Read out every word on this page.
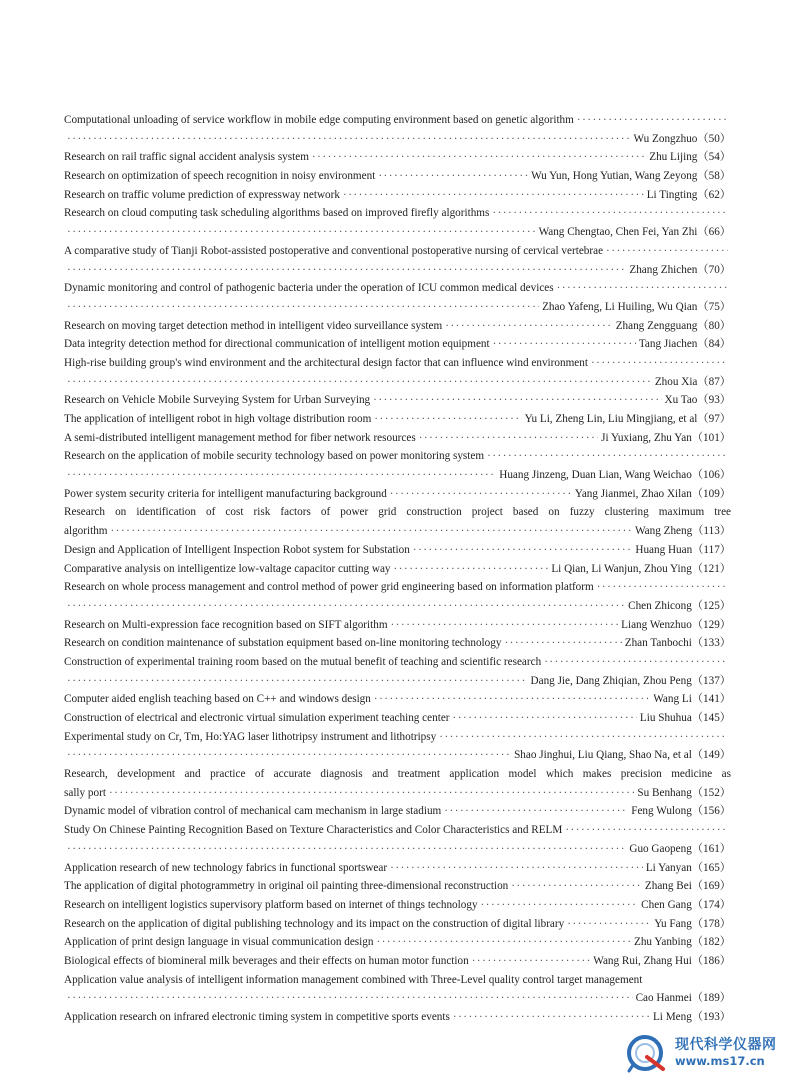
Computational unloading of service workflow in mobile edge computing environment based on genetic algorithm
·····
·····
Wu Zongzhuo	（ 50 ）
Research on rail traffic signal accident analysis system ·····	Zhu Lijing	（ 54 ）
Research on optimization of speech recognition in noisy environment ·····	Wu Yun, Hong Yutian, Wang Zeyong	（ 58 ）
Research on traffic volume prediction of expressway network ·····	Li Tingting	（ 62 ）
Research on cloud computing task scheduling algorithms based on improved firefly algorithms
·····
·····
Wang Chengtao, Chen Fei, Yan Zhi	（ 66 ）
A comparative study of Tianji Robot-assisted postoperative and conventional postoperative nursing of cervical vertebrae
·····
·····
Zhang Zhichen	（ 70 ）
Dynamic monitoring and control of pathogenic bacteria under the operation of ICU common medical devices
·····
·····
Zhao Yafeng, Li Huiling, Wu Qian	（ 75 ）
Research on moving target detection method in intelligent video surveillance system ·····	Zhang Zengguang	（ 80 ）
Data integrity detection method for directional communication of intelligent motion equipment ·····	Tang Jiachen	（ 84 ）
High-rise building group's wind environment and the architectural design factor that can influence wind environment
·····
·····
Zhou Xia	（ 87 ）
Research on Vehicle Mobile Surveying System for Urban Surveying ·····	Xu Tao	（ 93 ）
The application of intelligent robot in high voltage distribution room ·····	Yu Li, Zheng Lin, Liu Mingjiang, et al	（ 97 ）
A semi-distributed intelligent management method for fiber network resources ·····	Ji Yuxiang, Zhu Yan	（ 101 ）
Research on the application of mobile security technology based on power monitoring system
·····
·····
Huang Jinzeng, Duan Lian, Wang Weichao	（ 106 ）
Power system security criteria for intelligent manufacturing background ·····	Yang Jianmei, Zhao Xilan	（ 109 ）
Research on identification of cost risk factors of power grid construction project based on fuzzy clustering maximum tree
algorithm ·····	Wang Zheng	（ 113 ）
Design and Application of Intelligent Inspection Robot system for Substation ·····	Huang Huan	（ 117 ）
Comparative analysis on intelligentize low-valtage capacitor cutting way ·····	Li Qian, Li Wanjun, Zhou Ying	（ 121 ）
Research on whole process management and control method of power grid engineering based on information platform
·····
·····
Chen Zhicong	（ 125 ）
Research on Multi-expression face recognition based on SIFT algorithm ·····	Liang Wenzhuo	（ 129 ）
Research on condition maintenance of substation equipment based on-line monitoring technology ·····	Zhan Tanbochi	（ 133 ）
Construction of experimental training room based on the mutual benefit of teaching and scientific research
·····
·····
Dang Jie, Dang Zhiqian, Zhou Peng	（ 137 ）
Computer aided english teaching based on C++ and windows design ·····	Wang Li	（ 141 ）
Construction of electrical and electronic virtual simulation experiment teaching center ·····	Liu Shuhua	（ 145 ）
Experimental study on Cr, Tm, Ho:YAG laser lithotripsy instrument and lithotripsy
·····
·····
Shao Jinghui, Liu Qiang, Shao Na, et al	（ 149 ）
Research, development and practice of accurate diagnosis and treatment application model which makes precision medicine as
sally port ·····	Su Benhang	（ 152 ）
Dynamic model of vibration control of mechanical cam mechanism in large stadium ·····	Feng Wulong	（ 156 ）
Study On Chinese Painting Recognition Based on Texture Characteristics and Color Characteristics and RELM
·····
·····
Guo Gaopeng	（ 161 ）
Application research of new technology fabrics in functional sportswear ·····	Li Yanyan	（ 165 ）
The application of digital photogrammetry in original oil painting three-dimensional reconstruction ·····	Zhang Bei	（ 169 ）
Research on intelligent logistics supervisory platform based on internet of things technology ·····	Chen Gang	（ 174 ）
Research on the application of digital publishing technology and its impact on the construction of digital library ·····	Yu Fang	（ 178 ）
Application of print design language in visual communication design ·····	Zhu Yanbing	（ 182 ）
Biological effects of biomineral milk beverages and their effects on human motor function ·····	Wang Rui, Zhang Hui	（ 186 ）
Application value analysis of intelligent information management combined with Three-Level quality control target management
·····
Cao Hanmei	（ 189 ）
Application research on infrared electronic timing system in competitive sports events ·····	Li Meng	（ 193 ）
现代科学仪器网
www.ms17.cn
